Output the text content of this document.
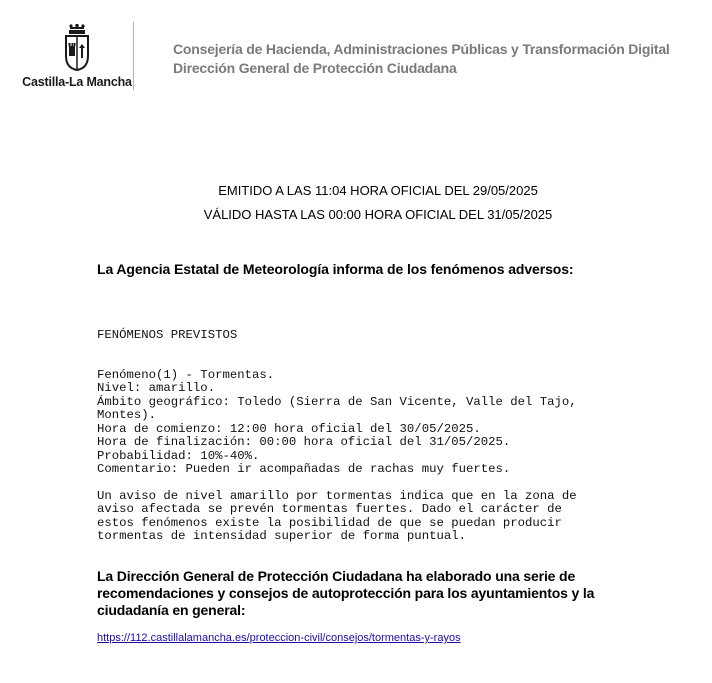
Castilla-La Mancha
Consejería de Hacienda, Administraciones Públicas y Transformación Digital
Dirección General de Protección Ciudadana
EMITIDO A LAS 11:04 HORA OFICIAL DEL 29/05/2025
VÁLIDO HASTA LAS 00:00 HORA OFICIAL DEL 31/05/2025
La Agencia Estatal de Meteorología informa de los fenómenos adversos:
FENÓMENOS PREVISTOS

Fenómeno(1) - Tormentas.
Nivel: amarillo.
Ámbito geográfico: Toledo (Sierra de San Vicente, Valle del Tajo,
Montes).
Hora de comienzo: 12:00 hora oficial del 30/05/2025.
Hora de finalización: 00:00 hora oficial del 31/05/2025.
Probabilidad: 10%-40%.
Comentario: Pueden ir acompañadas de rachas muy fuertes.

Un aviso de nivel amarillo por tormentas indica que en la zona de
aviso afectada se prevén tormentas fuertes. Dado el carácter de
estos fenómenos existe la posibilidad de que se puedan producir
tormentas de intensidad superior de forma puntual.
La Dirección General de Protección Ciudadana ha elaborado una serie de
recomendaciones y consejos de autoprotección para los ayuntamientos y la
ciudadanía en general:
https://112.castillalamancha.es/proteccion-civil/consejos/tormentas-y-rayos
